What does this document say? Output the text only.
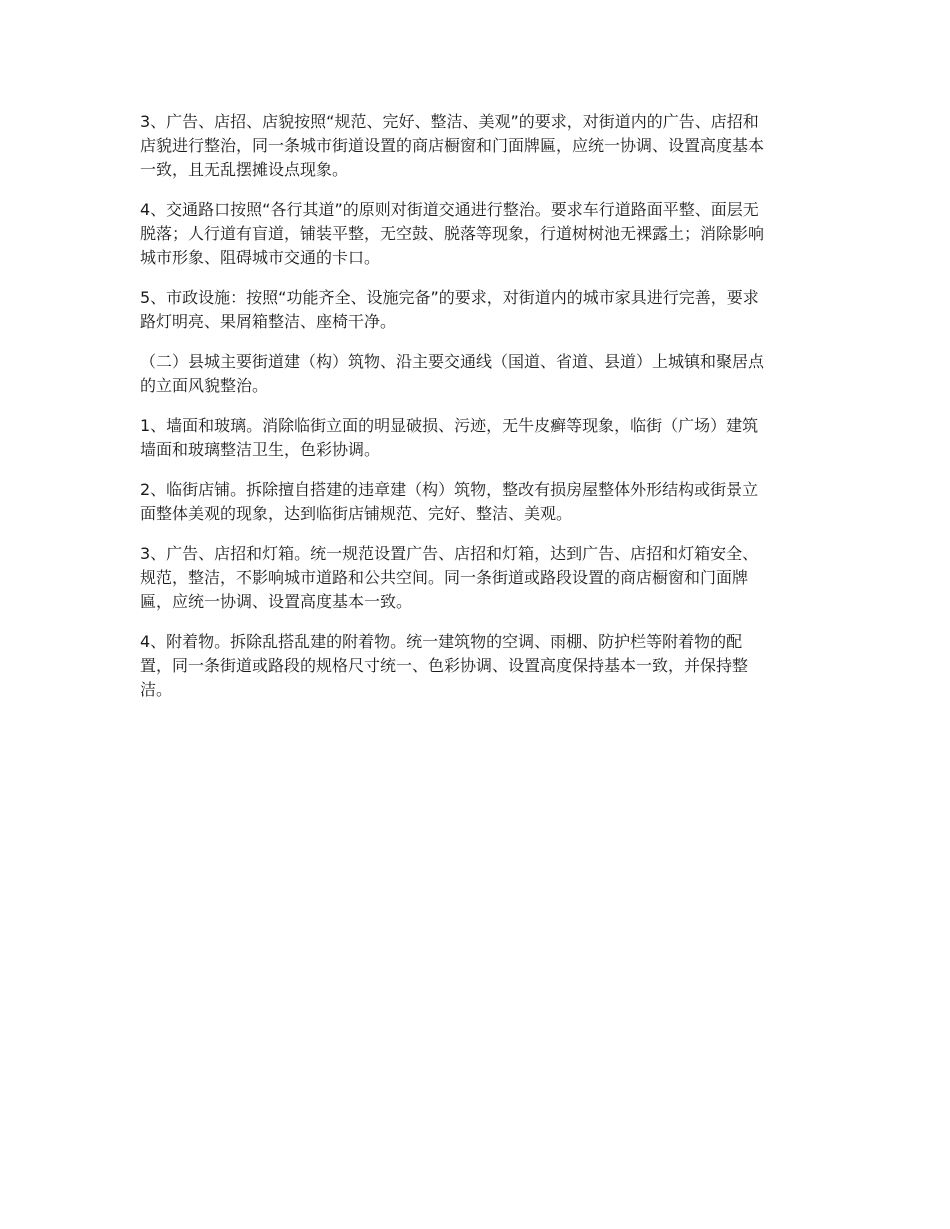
3、广告、店招、店貌按照“规范、完好、整洁、美观”的要求，对街道内的广告、店招和
店貌进行整治，同一条城市街道设置的商店橱窗和门面牌匾，应统一协调、设置高度基本
一致，且无乱摆摊设点现象。

4、交通路口按照“各行其道”的原则对街道交通进行整治。要求车行道路面平整、面层无
脱落；人行道有盲道，铺装平整，无空鼓、脱落等现象，行道树树池无裸露土；消除影响
城市形象、阻碍城市交通的卡口。

5、市政设施：按照“功能齐全、设施完备”的要求，对街道内的城市家具进行完善，要求
路灯明亮、果屑箱整洁、座椅干净。

（二）县城主要街道建（构）筑物、沿主要交通线（国道、省道、县道）上城镇和聚居点
的立面风貌整治。

1、墙面和玻璃。消除临街立面的明显破损、污迹，无牛皮癣等现象，临街（广场）建筑
墙面和玻璃整洁卫生，色彩协调。

2、临街店铺。拆除擅自搭建的违章建（构）筑物，整改有损房屋整体外形结构或街景立
面整体美观的现象，达到临街店铺规范、完好、整洁、美观。

3、广告、店招和灯箱。统一规范设置广告、店招和灯箱，达到广告、店招和灯箱安全、
规范，整洁，不影响城市道路和公共空间。同一条街道或路段设置的商店橱窗和门面牌
匾，应统一协调、设置高度基本一致。

4、附着物。拆除乱搭乱建的附着物。统一建筑物的空调、雨棚、防护栏等附着物的配
置，同一条街道或路段的规格尺寸统一、色彩协调、设置高度保持基本一致，并保持整
洁。
